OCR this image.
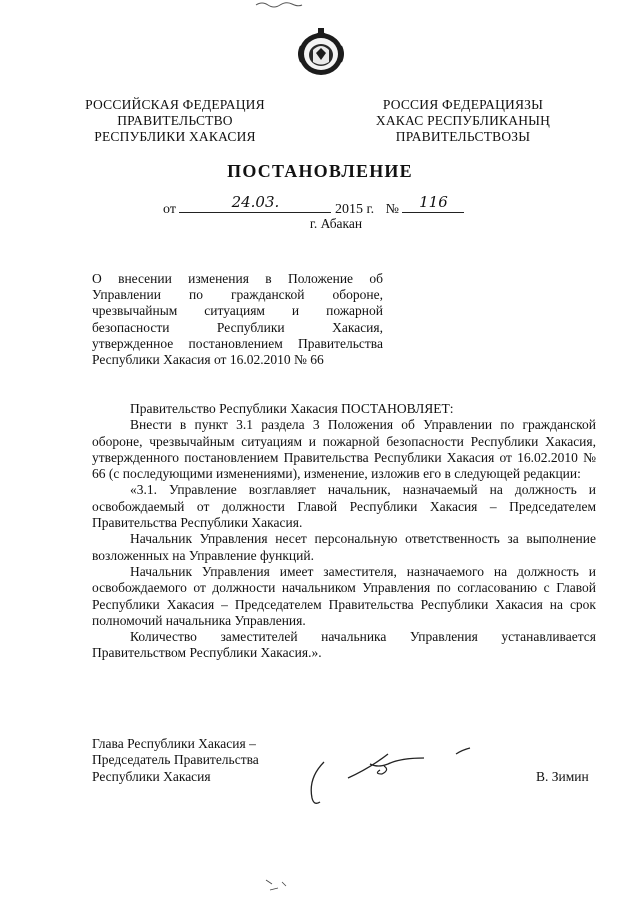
РОССИЙСКАЯ ФЕДЕРАЦИЯ
ПРАВИТЕЛЬСТВО
РЕСПУБЛИКИ ХАКАСИЯ
РОССИЯ ФЕДЕРАЦИЯЗЫ
ХАКАС РЕСПУБЛИКАНЫҢ
ПРАВИТЕЛЬСТВОЗЫ
ПОСТАНОВЛЕНИЕ
от	24.03.	2015 г. №	116
г. Абакан

О внесении изменения в Положение об

Управлении по гражданской обороне,

чрезвычайным ситуациям и пожарной

безопасности Республики Хакасия,

утвержденное постановлением Правительства

Республики Хакасия от 16.02.2010 № 66

Правительство Республики Хакасия ПОСТАНОВЛЯЕТ:

Внести в пункт 3.1 раздела 3 Положения об Управлении по гражданской обороне, чрезвычайным ситуациям и пожарной безопасности Республики Хакасия, утвержденного постановлением Правительства Республики Хакасия от 16.02.2010 № 66 (с последующими изменениями), изменение, изложив его в следующей редакции:

«3.1. Управление возглавляет начальник, назначаемый на должность и освобождаемый от должности Главой Республики Хакасия – Председателем Правительства Республики Хакасия.

Начальник Управления несет персональную ответственность за выполнение возложенных на Управление функций.

Начальник Управления имеет заместителя, назначаемого на должность и освобождаемого от должности начальником Управления по согласованию с Главой Республики Хакасия – Председателем Правительства Республики Хакасия на срок полномочий начальника Управления.

Количество заместителей начальника Управления устанавливается Правительством Республики Хакасия.».

Глава Республики Хакасия –
Председатель Правительства
Республики Хакасия	В. Зимин
